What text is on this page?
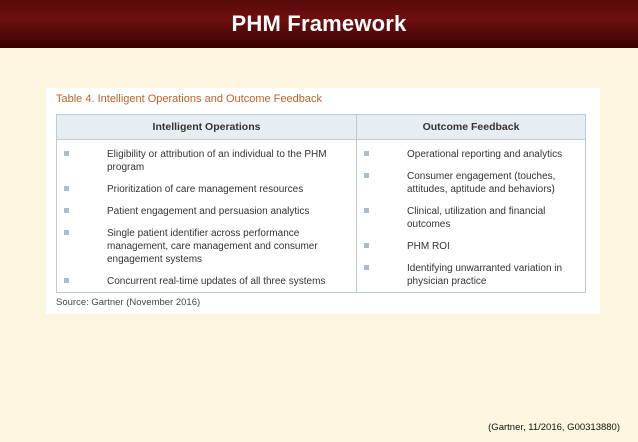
PHM Framework
Table 4. Intelligent Operations and Outcome Feedback
Intelligent Operations
Eligibility or attribution of an individual to the PHM program
Prioritization of care management resources
Patient engagement and persuasion analytics
Single patient identifier across performance management, care management and consumer engagement systems
Concurrent real-time updates of all three systems
Outcome Feedback
Operational reporting and analytics
Consumer engagement (touches, attitudes, aptitude and behaviors)
Clinical, utilization and financial outcomes
PHM ROI
Identifying unwarranted variation in physician practice
Source: Gartner (November 2016)
(Gartner, 11/2016, G00313880)
